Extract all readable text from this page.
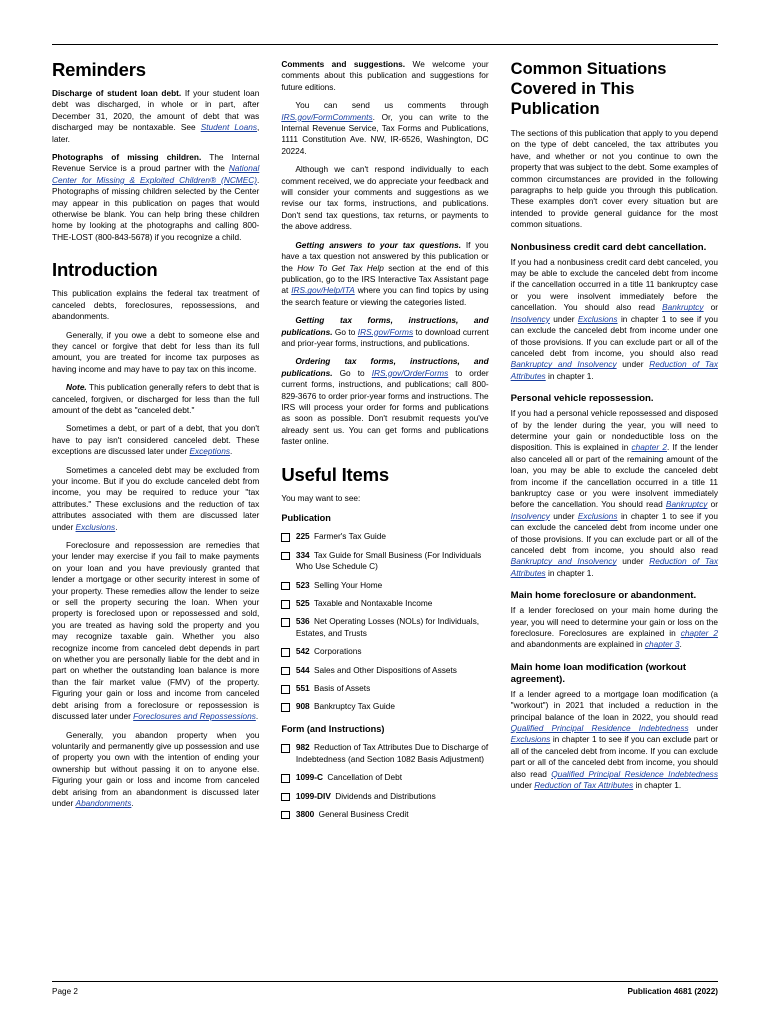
Reminders

Discharge of student loan debt. If your student loan debt was discharged, in whole or in part, after December 31, 2020, the amount of debt that was discharged may be nontaxable. See Student Loans, later.

Photographs of missing children. The Internal Revenue Service is a proud partner with the National Center for Missing & Exploited Children® (NCMEC). Photographs of missing children selected by the Center may appear in this publication on pages that would otherwise be blank. You can help bring these children home by looking at the photographs and calling 800-THE-LOST (800-843-5678) if you recognize a child.

Introduction

This publication explains the federal tax treatment of canceled debts, foreclosures, repossessions, and abandonments.

Generally, if you owe a debt to someone else and they cancel or forgive that debt for less than its full amount, you are treated for income tax purposes as having income and may have to pay tax on this income.

Note. This publication generally refers to debt that is canceled, forgiven, or discharged for less than the full amount of the debt as "canceled debt."

Sometimes a debt, or part of a debt, that you don't have to pay isn't considered canceled debt. These exceptions are discussed later under Exceptions.

Sometimes a canceled debt may be excluded from your income. But if you do exclude canceled debt from income, you may be required to reduce your "tax attributes." These exclusions and the reduction of tax attributes associated with them are discussed later under Exclusions.

Foreclosure and repossession are remedies that your lender may exercise if you fail to make payments on your loan and you have previously granted that lender a mortgage or other security interest in some of your property. These remedies allow the lender to seize or sell the property securing the loan. When your property is foreclosed upon or repossessed and sold, you are treated as having sold the property and you may recognize taxable gain. Whether you also recognize income from canceled debt depends in part on whether you are personally liable for the debt and in part on whether the outstanding loan balance is more than the fair market value (FMV) of the property. Figuring your gain or loss and income from canceled debt arising from a foreclosure or repossession is discussed later under Foreclosures and Repossessions.

Generally, you abandon property when you voluntarily and permanently give up possession and use of property you own with the intention of ending your ownership but without passing it on to anyone else. Figuring your gain or loss and income from canceled debt arising from an abandonment is discussed later under Abandonments.

Comments and suggestions. We welcome your comments about this publication and suggestions for future editions.

You can send us comments through IRS.gov/FormComments. Or, you can write to the Internal Revenue Service, Tax Forms and Publications, 1111 Constitution Ave. NW, IR-6526, Washington, DC 20224.

Although we can't respond individually to each comment received, we do appreciate your feedback and will consider your comments and suggestions as we revise our tax forms, instructions, and publications. Don't send tax questions, tax returns, or payments to the above address.

Getting answers to your tax questions. If you have a tax question not answered by this publication or the How To Get Tax Help section at the end of this publication, go to the IRS Interactive Tax Assistant page at IRS.gov/Help/ITA where you can find topics by using the search feature or viewing the categories listed.

Getting tax forms, instructions, and publications. Go to IRS.gov/Forms to download current and prior-year forms, instructions, and publications.

Ordering tax forms, instructions, and publications. Go to IRS.gov/OrderForms to order current forms, instructions, and publications; call 800-829-3676 to order prior-year forms and instructions. The IRS will process your order for forms and publications as soon as possible. Don't resubmit requests you've already sent us. You can get forms and publications faster online.

Useful Items

You may want to see:

Publication
225 Farmer's Tax Guide
334 Tax Guide for Small Business (For Individuals Who Use Schedule C)
523 Selling Your Home
525 Taxable and Nontaxable Income
536 Net Operating Losses (NOLs) for Individuals, Estates, and Trusts
542 Corporations
544 Sales and Other Dispositions of Assets
551 Basis of Assets
908 Bankruptcy Tax Guide
Form (and Instructions)
982 Reduction of Tax Attributes Due to Discharge of Indebtedness (and Section 1082 Basis Adjustment)
1099-C Cancellation of Debt
1099-DIV Dividends and Distributions
3800 General Business Credit
Common Situations Covered in This Publication

The sections of this publication that apply to you depend on the type of debt canceled, the tax attributes you have, and whether or not you continue to own the property that was subject to the debt. Some examples of common circumstances are provided in the following paragraphs to help guide you through this publication. These examples don't cover every situation but are intended to provide general guidance for the most common situations.

Nonbusiness credit card debt cancellation.

If you had a nonbusiness credit card debt canceled, you may be able to exclude the canceled debt from income if the cancellation occurred in a title 11 bankruptcy case or you were insolvent immediately before the cancellation. You should also read Bankruptcy or Insolvency under Exclusions in chapter 1 to see if you can exclude the canceled debt from income under one of those provisions. If you can exclude part or all of the canceled debt from income, you should also read Bankruptcy and Insolvency under Reduction of Tax Attributes in chapter 1.

Personal vehicle repossession.

If you had a personal vehicle repossessed and disposed of by the lender during the year, you will need to determine your gain or nondeductible loss on the disposition. This is explained in chapter 2. If the lender also canceled all or part of the remaining amount of the loan, you may be able to exclude the canceled debt from income if the cancellation occurred in a title 11 bankruptcy case or you were insolvent immediately before the cancellation. You should read Bankruptcy or Insolvency under Exclusions in chapter 1 to see if you can exclude the canceled debt from income under one of those provisions. If you can exclude part or all of the canceled debt from income, you should also read Bankruptcy and Insolvency under Reduction of Tax Attributes in chapter 1.

Main home foreclosure or abandonment.

If a lender foreclosed on your main home during the year, you will need to determine your gain or loss on the foreclosure. Foreclosures are explained in chapter 2 and abandonments are explained in chapter 3.

Main home loan modification (workout agreement).

If a lender agreed to a mortgage loan modification (a "workout") in 2021 that included a reduction in the principal balance of the loan in 2022, you should read Qualified Principal Residence Indebtedness under Exclusions in chapter 1 to see if you can exclude part or all of the canceled debt from income. If you can exclude part or all of the canceled debt from income, you should also read Qualified Principal Residence Indebtedness under Reduction of Tax Attributes in chapter 1.

Page 2	Publication 4681 (2022)
